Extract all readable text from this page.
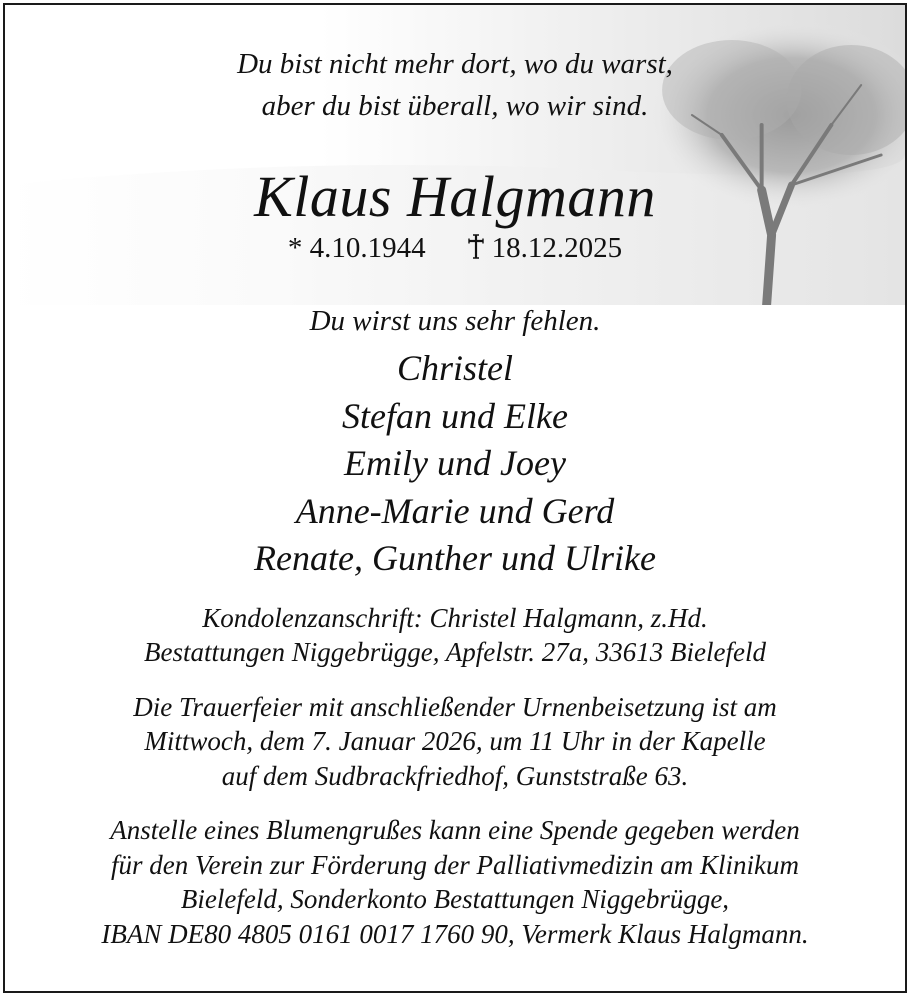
Du bist nicht mehr dort, wo du warst,
aber du bist überall, wo wir sind.
Klaus Halgmann
* 4.10.1944 18.12.2025
Du wirst uns sehr fehlen.
Christel
Stefan und Elke
Emily und Joey
Anne-Marie und Gerd
Renate, Gunther und Ulrike
Kondolenzanschrift: Christel Halgmann, z.Hd.
Bestattungen Niggebrügge, Apfelstr. 27a, 33613 Bielefeld
Die Trauerfeier mit anschließender Urnenbeisetzung ist am
Mittwoch, dem 7. Januar 2026, um 11 Uhr in der Kapelle
auf dem Sudbrackfriedhof, Gunststraße 63.
Anstelle eines Blumengrußes kann eine Spende gegeben werden
für den Verein zur Förderung der Palliativmedizin am Klinikum
Bielefeld, Sonderkonto Bestattungen Niggebrügge,
IBAN DE80 4805 0161 0017 1760 90, Vermerk Klaus Halgmann.
